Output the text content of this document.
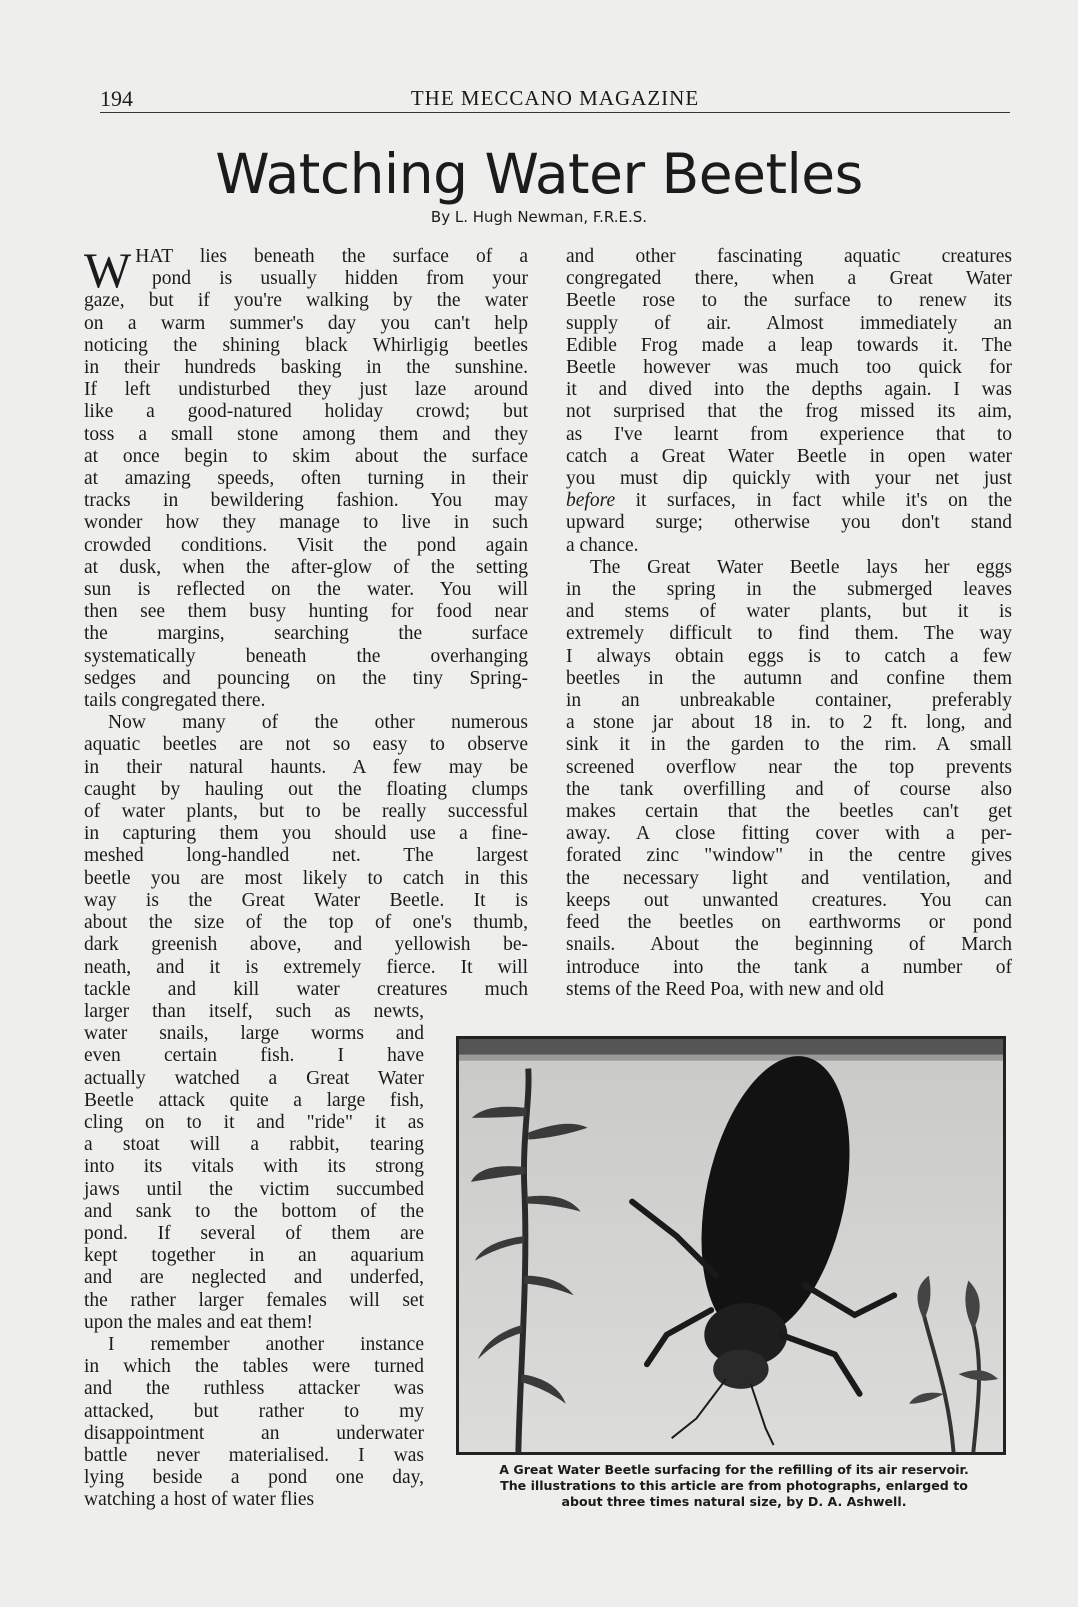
194	THE MECCANO MAGAZINE
Watching Water Beetles
By L. Hugh Newman, F.R.E.S.
W HAT lies beneath the surface of a
pond is usually hidden from your
gaze, but if you're walking by the water
on a warm summer's day you can't help
noticing the shining black Whirligig beetles
in their hundreds basking in the sunshine.
If left undisturbed they just laze around
like a good-natured holiday crowd; but
toss a small stone among them and they
at once begin to skim about the surface
at amazing speeds, often turning in their
tracks in bewildering fashion. You may
wonder how they manage to live in such
crowded conditions. Visit the pond again
at dusk, when the after-glow of the setting
sun is reflected on the water. You will
then see them busy hunting for food near
the margins, searching the surface
systematically beneath the overhanging
sedges and pouncing on the tiny Spring-
tails congregated there.
Now many of the other numerous
aquatic beetles are not so easy to observe
in their natural haunts. A few may be
caught by hauling out the floating clumps
of water plants, but to be really successful
in capturing them you should use a fine-
meshed long-handled net. The largest
beetle you are most likely to catch in this
way is the Great Water Beetle. It is
about the size of the top of one's thumb,
dark greenish above, and yellowish be-
neath, and it is extremely fierce. It will
tackle and kill water creatures much
larger than itself, such as newts,
water snails, large worms and
even certain fish. I have
actually watched a Great Water
Beetle attack quite a large fish,
cling on to it and "ride" it as
a stoat will a rabbit, tearing
into its vitals with its strong
jaws until the victim succumbed
and sank to the bottom of the
pond. If several of them are
kept together in an aquarium
and are neglected and underfed,
the rather larger females will set
upon the males and eat them!
I remember another instance
in which the tables were turned
and the ruthless attacker was
attacked, but rather to my
disappointment an underwater
battle never materialised. I was
lying beside a pond one day,
watching a host of water flies
and other fascinating aquatic creatures
congregated there, when a Great Water
Beetle rose to the surface to renew its
supply of air. Almost immediately an
Edible Frog made a leap towards it. The
Beetle however was much too quick for
it and dived into the depths again. I was
not surprised that the frog missed its aim,
as I've learnt from experience that to
catch a Great Water Beetle in open water
you must dip quickly with your net just
before it surfaces, in fact while it's on the
upward surge; otherwise you don't stand
a chance.
The Great Water Beetle lays her eggs
in the spring in the submerged leaves
and stems of water plants, but it is
extremely difficult to find them. The way
I always obtain eggs is to catch a few
beetles in the autumn and confine them
in an unbreakable container, preferably
a stone jar about 18 in. to 2 ft. long, and
sink it in the garden to the rim. A small
screened overflow near the top prevents
the tank overfilling and of course also
makes certain that the beetles can't get
away. A close fitting cover with a per-
forated zinc "window" in the centre gives
the necessary light and ventilation, and
keeps out unwanted creatures. You can
feed the beetles on earthworms or pond
snails. About the beginning of March
introduce into the tank a number of
stems of the Reed Poa, with new and old
A Great Water Beetle surfacing for the refilling of its air reservoir.
The illustrations to this article are from photographs, enlarged to
about three times natural size, by D. A. Ashwell.
